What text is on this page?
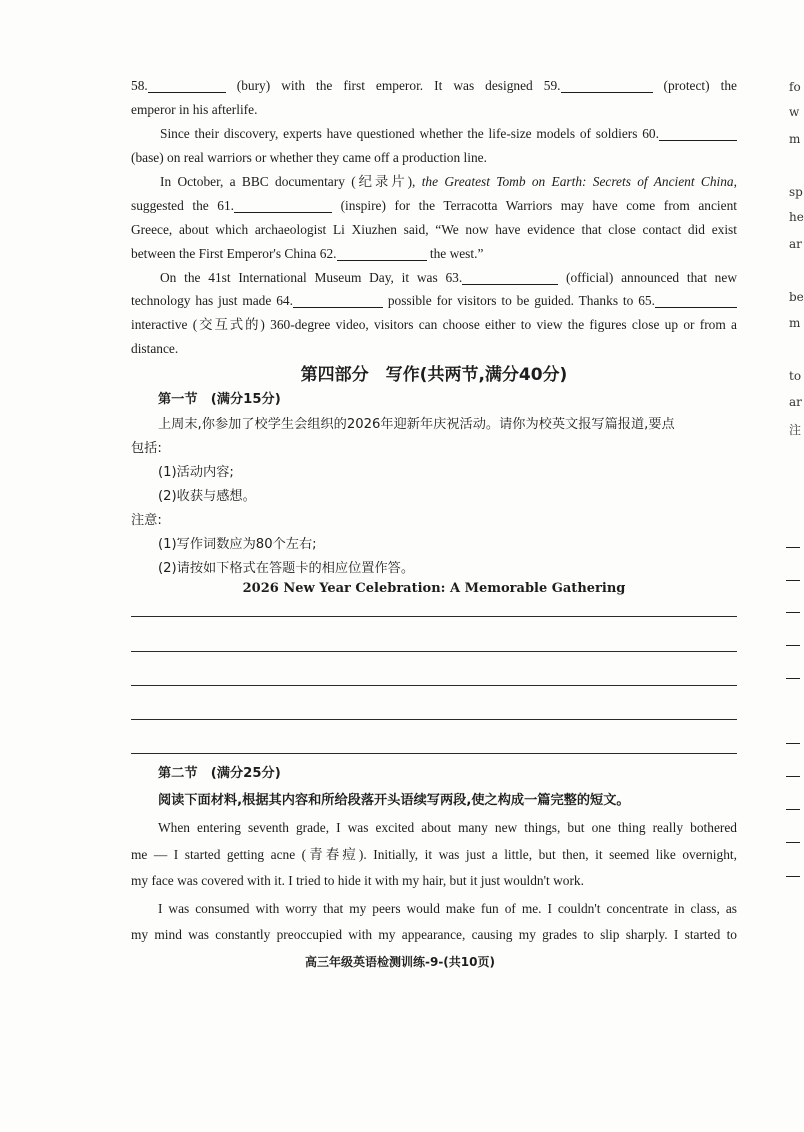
58.	(bury) with the first emperor. It was designed 59.	(protect) the
emperor in his afterlife.
Since their discovery, experts have questioned whether the life-size models of soldiers 60.
(base) on real warriors or whether they came off a production line.
In October, a BBC documentary (纪录片), the Greatest Tomb on Earth: Secrets of Ancient China,
suggested the 61.	(inspire) for the Terracotta Warriors may have come from ancient
Greece, about which archaeologist Li Xiuzhen said, “We now have evidence that close contact did exist
between the First Emperor's China 62.	the west.”
On the 41st International Museum Day, it was 63.	(official) announced that new
technology has just made 64.	possible for visitors to be guided. Thanks to 65.
interactive (交互式的) 360-degree video, visitors can choose either to view the figures close up or from a
distance.
第四部分　写作(共两节,满分40分)
第一节　(满分15分)
上周末,你参加了校学生会组织的2026年迎新年庆祝活动。请你为校英文报写篇报道,要点
包括:
(1)活动内容;
(2)收获与感想。
注意:
(1)写作词数应为80个左右;
(2)请按如下格式在答题卡的相应位置作答。
2026 New Year Celebration: A Memorable Gathering
第二节　(满分25分)
阅读下面材料,根据其内容和所给段落开头语续写两段,使之构成一篇完整的短文。
When entering seventh grade, I was excited about many new things, but one thing really bothered
me — I started getting acne (青春痘). Initially, it was just a little, but then, it seemed like overnight,
my face was covered with it. I tried to hide it with my hair, but it just wouldn't work.
I was consumed with worry that my peers would make fun of me. I couldn't concentrate in class, as
my mind was constantly preoccupied with my appearance, causing my grades to slip sharply. I started to
高三年级英语检测训练-9-(共10页)
fo
w
m
sp
he
ar
be
m
to
ar
注
